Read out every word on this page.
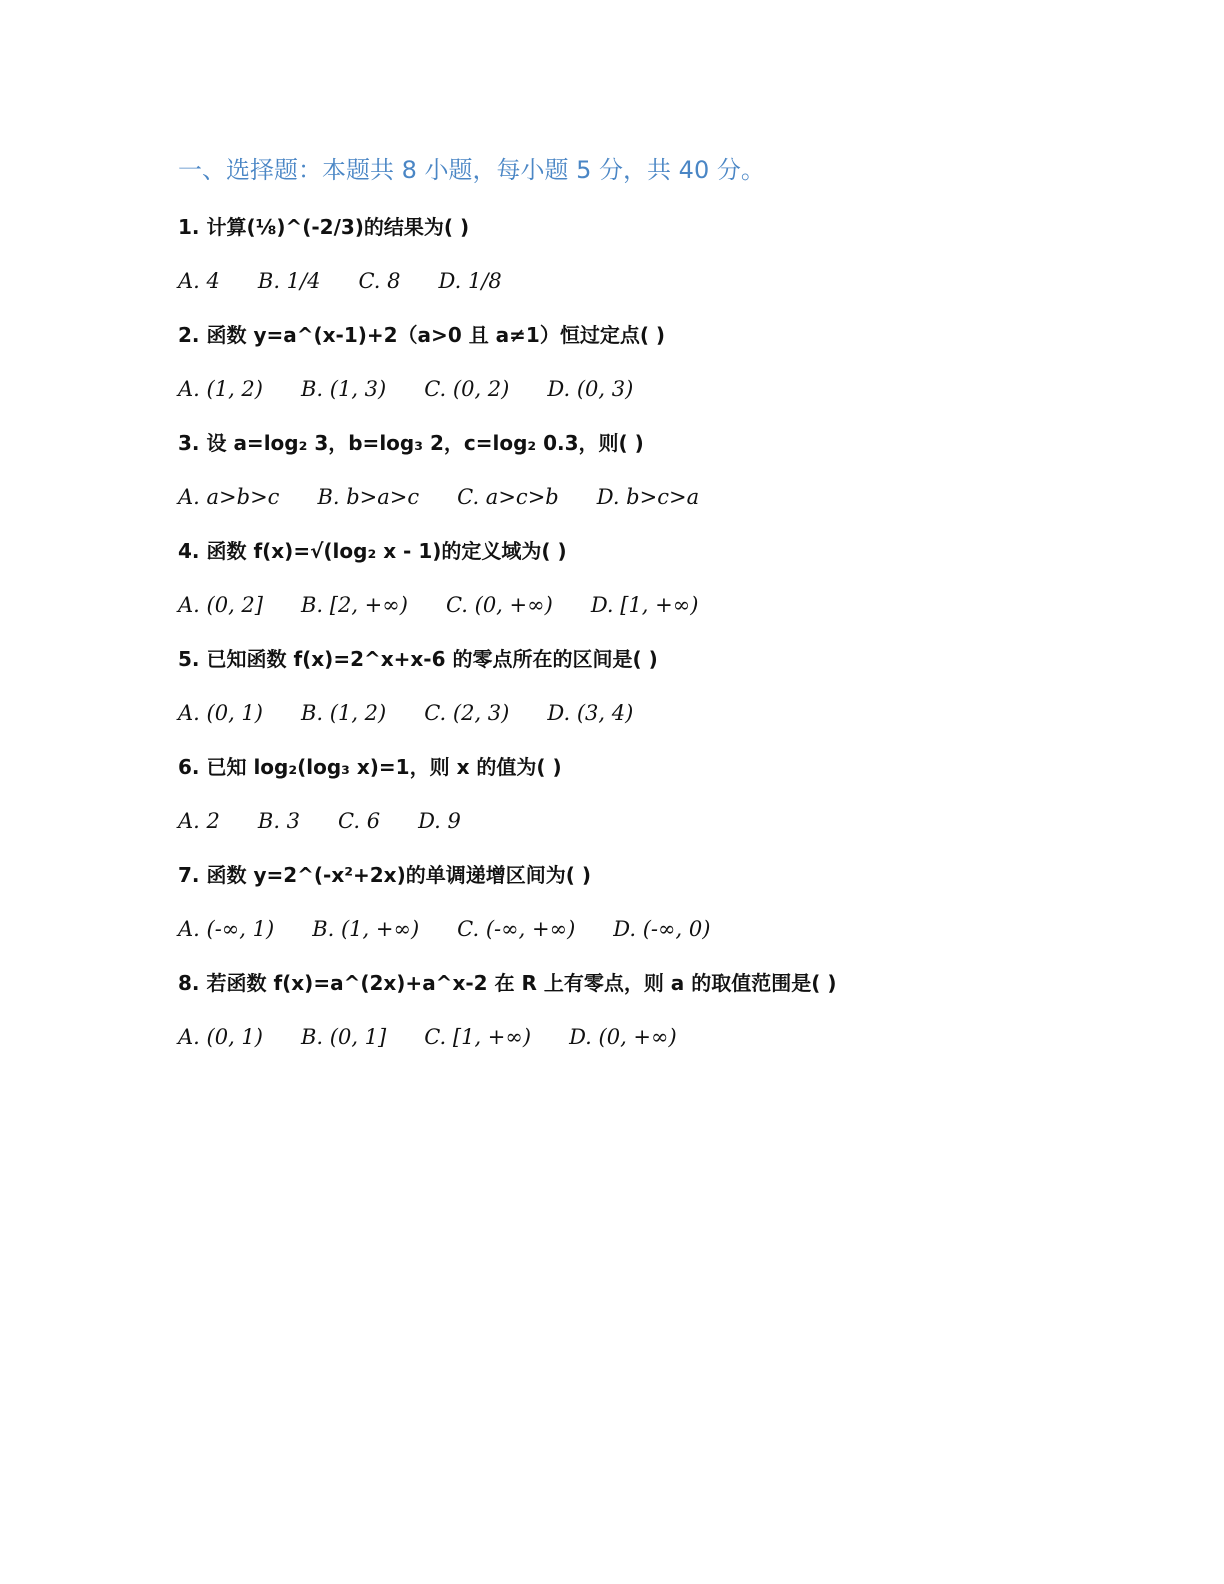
一、选择题：本题共 8 小题，每小题 5 分，共 40 分。
1. 计算(⅛)^(-2/3)的结果为( )
A. 4 B. 1/4 C. 8 D. 1/8
2. 函数 y=a^(x-1)+2（a>0 且 a≠1）恒过定点( )
A. (1, 2) B. (1, 3) C. (0, 2) D. (0, 3)
3. 设 a=log₂ 3，b=log₃ 2，c=log₂ 0.3，则( )
A. a>b>c B. b>a>c C. a>c>b D. b>c>a
4. 函数 f(x)=√(log₂ x - 1)的定义域为( )
A. (0, 2] B. [2, +∞) C. (0, +∞) D. [1, +∞)
5. 已知函数 f(x)=2^x+x-6 的零点所在的区间是( )
A. (0, 1) B. (1, 2) C. (2, 3) D. (3, 4)
6. 已知 log₂(log₃ x)=1，则 x 的值为( )
A. 2 B. 3 C. 6 D. 9
7. 函数 y=2^(-x²+2x)的单调递增区间为( )
A. (-∞, 1) B. (1, +∞) C. (-∞, +∞) D. (-∞, 0)
8. 若函数 f(x)=a^(2x)+a^x-2 在 R 上有零点，则 a 的取值范围是( )
A. (0, 1) B. (0, 1] C. [1, +∞) D. (0, +∞)
